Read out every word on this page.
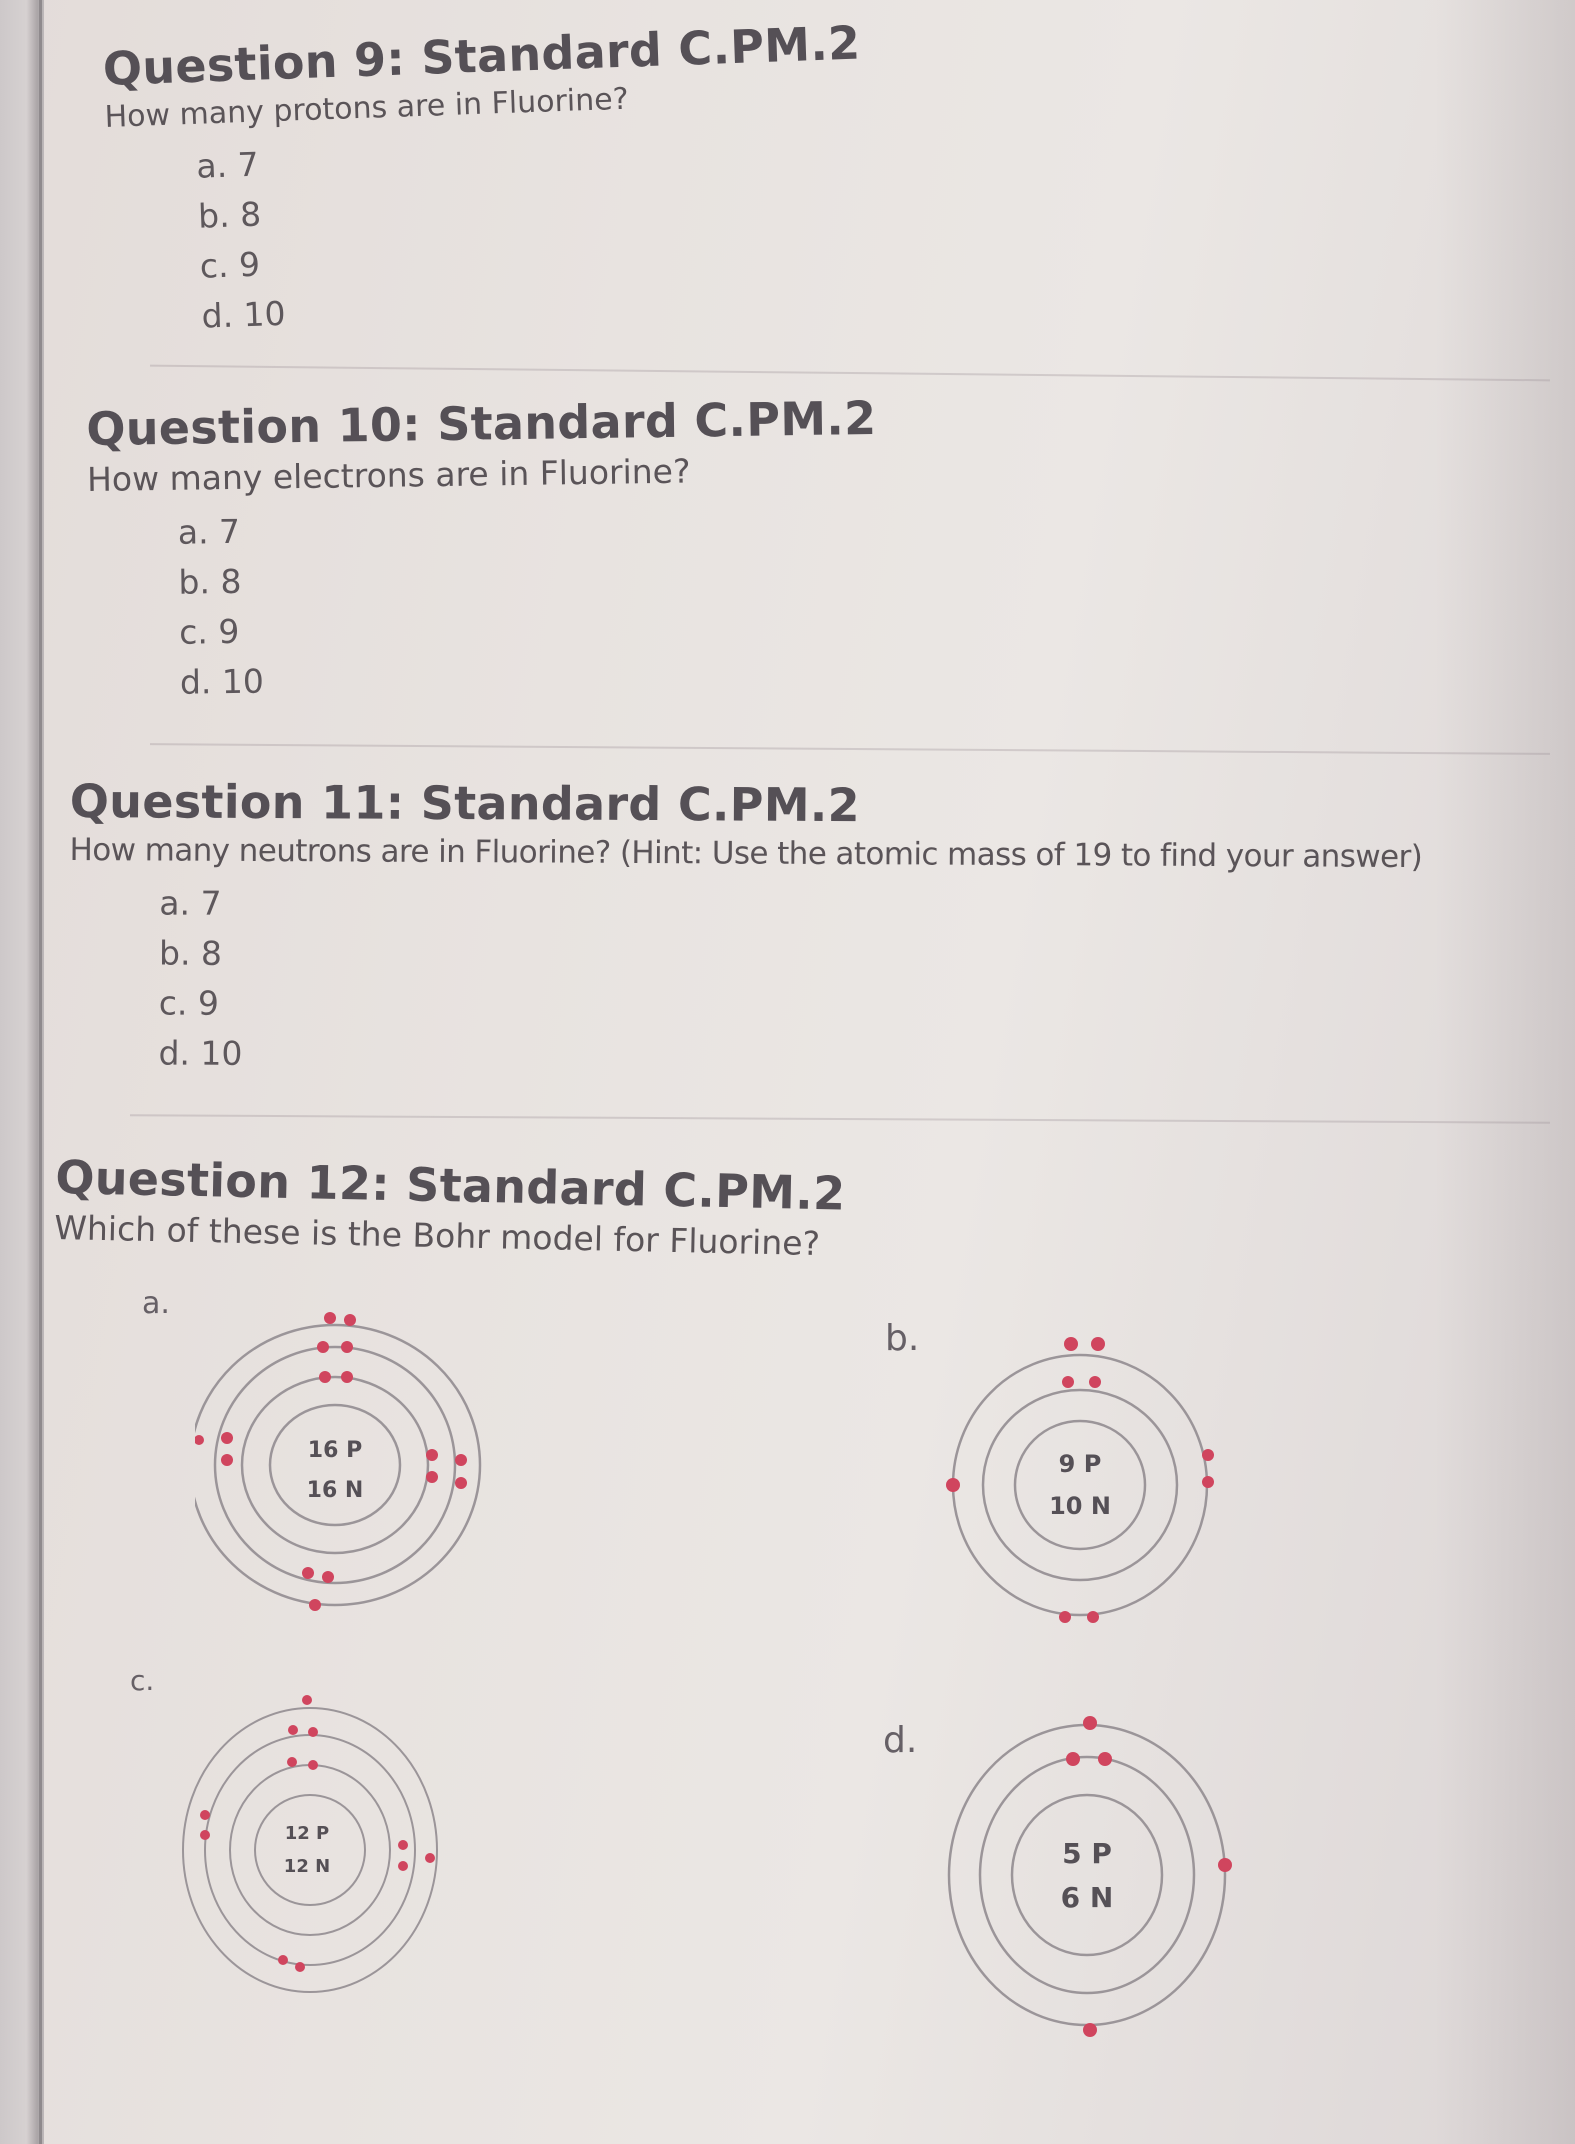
Question 9: Standard C.PM.2
How many protons are in Fluorine?
a. 7
b. 8
c. 9
d. 10
Question 10: Standard C.PM.2
How many electrons are in Fluorine?
a. 7
b. 8
c. 9
d. 10
Question 11: Standard C.PM.2
How many neutrons are in Fluorine? (Hint: Use the atomic mass of 19 to find your answer)
a. 7
b. 8
c. 9
d. 10
Question 12: Standard C.PM.2
Which of these is the Bohr model for Fluorine?
a.
16 P
16 N
b.
9 P
10 N
c.
12 P
12 N
d.
5 P
6 N
